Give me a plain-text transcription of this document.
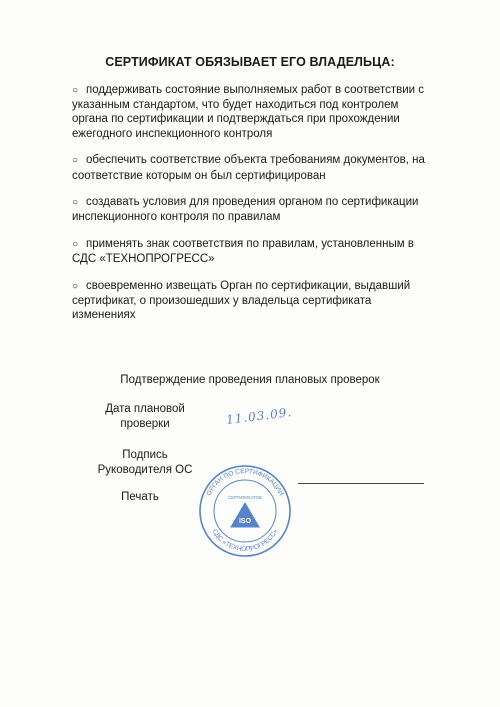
СЕРТИФИКАТ ОБЯЗЫВАЕТ ЕГО ВЛАДЕЛЬЦА:
○ поддерживать состояние выполняемых работ в соответствии с указанным стандартом, что будет находиться под контролем органа по сертификации и подтверждаться при прохождении ежегодного инспекционного контроля
○ обеспечить соответствие объекта требованиям документов, на соответствие которым он был сертифицирован
○ создавать условия для проведения органом по сертификации инспекционного контроля по правилам
○ применять знак соответствия по правилам, установленным в СДС «ТЕХНОПРОГРЕСС»
○ своевременно извещать Орган по сертификации, выдавший сертификат, о произошедших у владельца сертификата изменениях
Подтверждение проведения плановых проверок
Дата плановой
проверки	11.03.09.
Подпись
Руководителя ОС
Печать	ОРГАН ПО СЕРТИФИКАЦИИ
СДС «ТЕХНОПРОГРЕСС»
СЕРТИФИКАТОВ
ISO
